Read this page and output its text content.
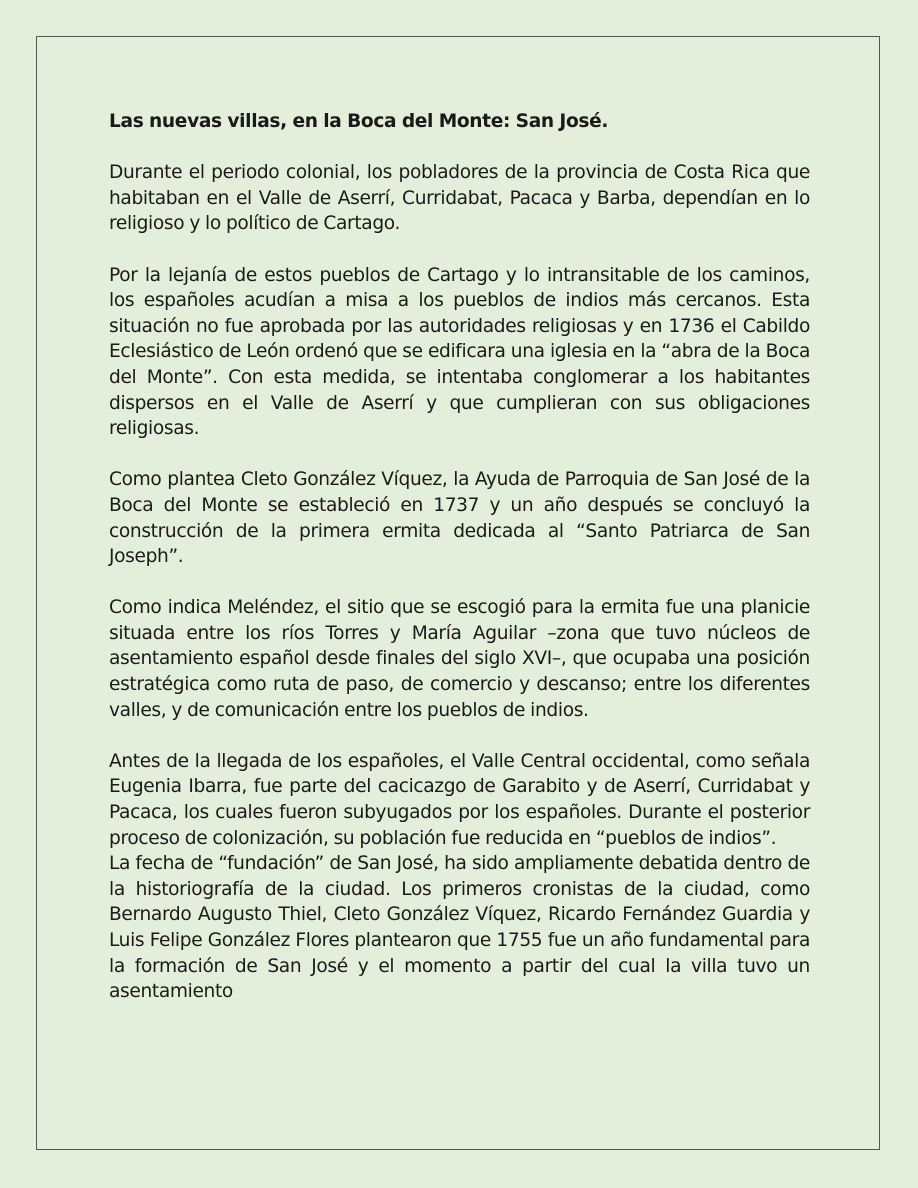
Las nuevas villas, en la Boca del Monte: San José.

Durante el periodo colonial, los pobladores de la provincia de Costa Rica que habitaban en el Valle de Aserrí, Curridabat, Pacaca y Barba, dependían en lo religioso y lo político de Cartago.

Por la lejanía de estos pueblos de Cartago y lo intransitable de los caminos, los españoles acudían a misa a los pueblos de indios más cercanos. Esta situación no fue aprobada por las autoridades religiosas y en 1736 el Cabildo Eclesiástico de León ordenó que se edificara una iglesia en la “abra de la Boca del Monte”. Con esta medida, se intentaba conglomerar a los habitantes dispersos en el Valle de Aserrí y que cumplieran con sus obligaciones religiosas.

Como plantea Cleto González Víquez, la Ayuda de Parroquia de San José de la Boca del Monte se estableció en 1737 y un año después se concluyó la construcción de la primera ermita dedicada al “Santo Patriarca de San Joseph”.

Como indica Meléndez, el sitio que se escogió para la ermita fue una planicie situada entre los ríos Torres y María Aguilar –zona que tuvo núcleos de asentamiento español desde finales del siglo XVI–, que ocupaba una posición estratégica como ruta de paso, de comercio y descanso; entre los diferentes valles, y de comunicación entre los pueblos de indios.

Antes de la llegada de los españoles, el Valle Central occidental, como señala Eugenia Ibarra, fue parte del cacicazgo de Garabito y de Aserrí, Curridabat y Pacaca, los cuales fueron subyugados por los españoles. Durante el posterior proceso de colonización, su población fue reducida en “pueblos de indios”.

La fecha de “fundación” de San José, ha sido ampliamente debatida dentro de la historiografía de la ciudad. Los primeros cronistas de la ciudad, como Bernardo Augusto Thiel, Cleto González Víquez, Ricardo Fernández Guardia y Luis Felipe González Flores plantearon que 1755 fue un año fundamental para la formación de San José y el momento a partir del cual la villa tuvo un asentamiento
